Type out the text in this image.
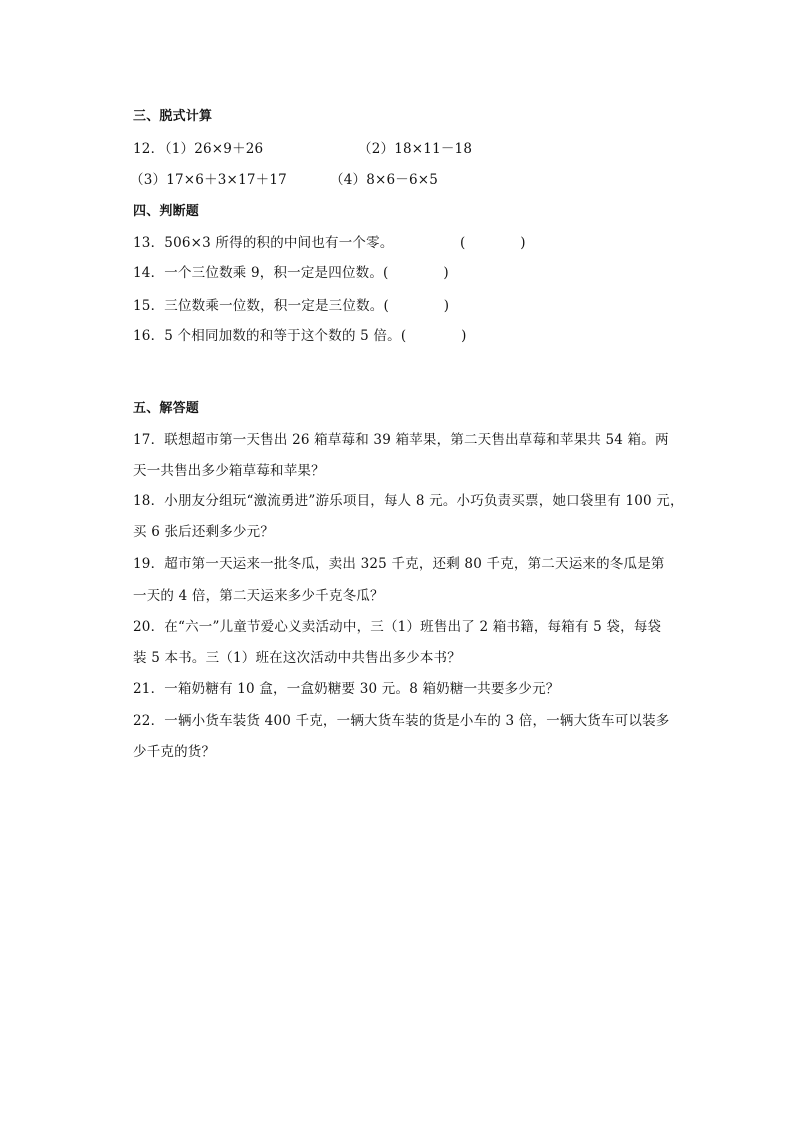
三、脱式计算
12．
（1）26×9＋26	（2）18×11－18
（3）17×6＋3×17＋17	（4）8×6－6×5
四、判断题
13．506×3 所得的积的中间也有一个零。	(　　　　)
14．一个三位数乘 9，积一定是四位数。(　　　　)
15．三位数乘一位数，积一定是三位数。(　　　　)
16．5 个相同加数的和等于这个数的 5 倍。(　　　　)
五、解答题
17．联想超市第一天售出 26 箱草莓和 39 箱苹果，第二天售出草莓和苹果共 54 箱。两
天一共售出多少箱草莓和苹果？
18．小朋友分组玩“激流勇进”游乐项目，每人 8 元。小巧负责买票，她口袋里有 100 元，
买 6 张后还剩多少元？
19．超市第一天运来一批冬瓜，卖出 325 千克，还剩 80 千克，第二天运来的冬瓜是第
一天的 4 倍，第二天运来多少千克冬瓜？
20．在“六一”儿童节爱心义卖活动中，三（1）班售出了 2 箱书籍，每箱有 5 袋，每袋
装 5 本书。三（1）班在这次活动中共售出多少本书？
21．一箱奶糖有 10 盒，一盒奶糖要 30 元。8 箱奶糖一共要多少元？
22．一辆小货车装货 400 千克，一辆大货车装的货是小车的 3 倍，一辆大货车可以装多
少千克的货？
